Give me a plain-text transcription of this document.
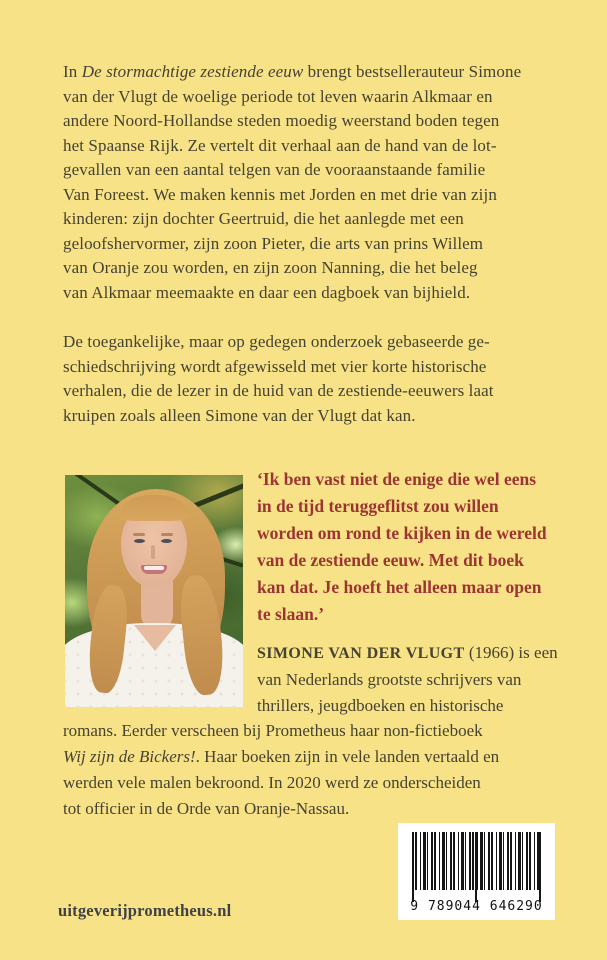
In De stormachtige zestiende eeuw brengt bestsellerauteur Simone
van der Vlugt de woelige periode tot leven waarin Alkmaar en
andere Noord-Hollandse steden moedig weerstand boden tegen
het Spaanse Rijk. Ze vertelt dit verhaal aan de hand van de lot-
gevallen van een aantal telgen van de vooraanstaande familie
Van Foreest. We maken kennis met Jorden en met drie van zijn
kinderen: zijn dochter Geertruid, die het aanlegde met een
geloofshervormer, zijn zoon Pieter, die arts van prins Willem
van Oranje zou worden, en zijn zoon Nanning, die het beleg
van Alkmaar meemaakte en daar een dagboek van bijhield.
De toegankelijke, maar op gedegen onderzoek gebaseerde ge-
schiedschrijving wordt afgewisseld met vier korte historische
verhalen, die de lezer in de huid van de zestiende-eeuwers laat
kruipen zoals alleen Simone van der Vlugt dat kan.
‘Ik ben vast niet de enige die wel eens
in de tijd teruggeflitst zou willen
worden om rond te kijken in de wereld
van de zestiende eeuw. Met dit boek
kan dat. Je hoeft het alleen maar open
te slaan.’
SIMONE VAN DER VLUGT (1966) is een
van Nederlands grootste schrijvers van
thrillers, jeugdboeken en historische
romans. Eerder verscheen bij Prometheus haar non-fictieboek
Wij zijn de Bickers!. Haar boeken zijn in vele landen vertaald en
werden vele malen bekroond. In 2020 werd ze onderscheiden
tot officier in de Orde van Oranje-Nassau.
uitgeverijprometheus.nl	9 789044 646290
